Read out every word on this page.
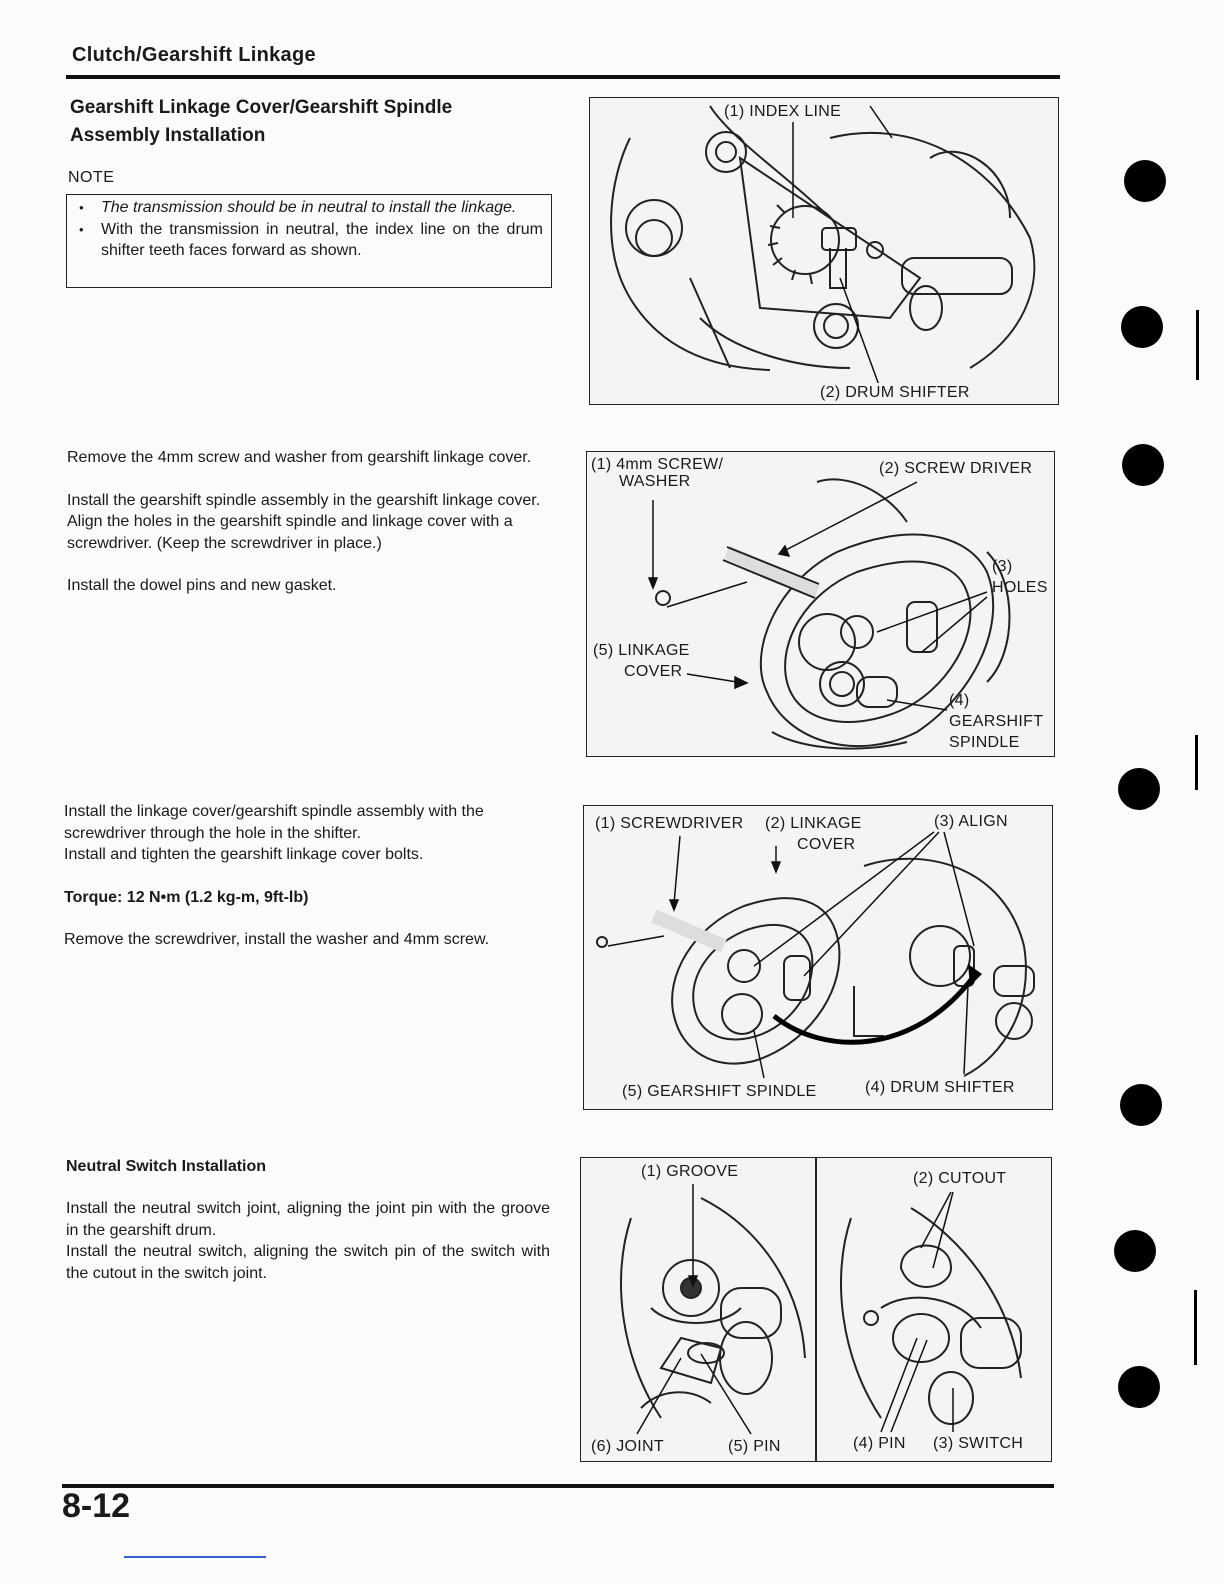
Clutch/Gearshift Linkage
Gearshift Linkage Cover/Gearshift Spindle
Assembly Installation
NOTE
• The transmission should be in neutral to install the linkage.
• With the transmission in neutral, the index line on the drum shifter teeth faces forward as shown.
(1) INDEX LINE
(2) DRUM SHIFTER

Remove the 4mm screw and washer from gearshift linkage cover.

Install the gearshift spindle assembly in the gearshift linkage cover.

Align the holes in the gearshift spindle and linkage cover with a screwdriver. (Keep the screwdriver in place.)

Install the dowel pins and new gasket.

(1) 4mm SCREW/
WASHER
(2) SCREW DRIVER
(3)
HOLES
(5) LINKAGE
COVER
(4)
GEARSHIFT
SPINDLE

Install the linkage cover/gearshift spindle assembly with the screwdriver through the hole in the shifter.

Install and tighten the gearshift linkage cover bolts.

Torque: 12 N•m (1.2 kg-m, 9ft-lb)

Remove the screwdriver, install the washer and 4mm screw.

(1) SCREWDRIVER (2) LINKAGE
COVER
(3) ALIGN
(5) GEARSHIFT SPINDLE	(4) DRUM SHIFTER
Neutral Switch Installation

Install the neutral switch joint, aligning the joint pin with the groove in the gearshift drum.

Install the neutral switch, aligning the switch pin of the switch with the cutout in the switch joint.

(1) GROOVE	(2) CUTOUT
(6) JOINT	(5) PIN	(4) PIN (3) SWITCH
8-12
